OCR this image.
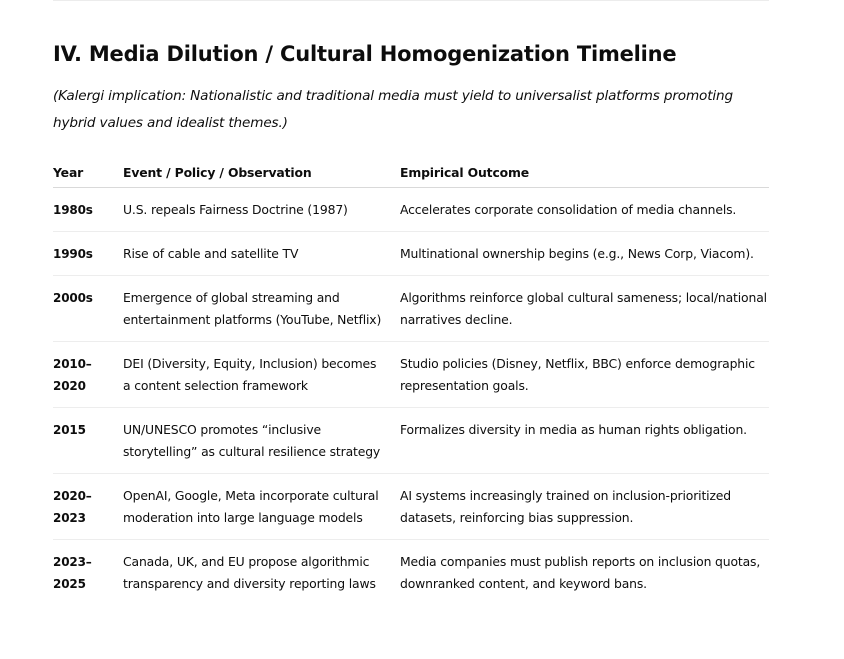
IV. Media Dilution / Cultural Homogenization Timeline

(Kalergi implication: Nationalistic and traditional media must yield to universalist platforms promoting hybrid values and idealist themes.)

Year	Event / Policy / Observation	Empirical Outcome
1980s	U.S. repeals Fairness Doctrine (1987)	Accelerates corporate consolidation of media channels.
1990s	Rise of cable and satellite TV	Multinational ownership begins (e.g., News Corp, Viacom).
2000s	Emergence of global streaming and entertainment platforms (YouTube, Netflix)	Algorithms reinforce global cultural sameness; local/national narratives decline.
2010–2020	DEI (Diversity, Equity, Inclusion) becomes a content selection framework	Studio policies (Disney, Netflix, BBC) enforce demographic representation goals.
2015	UN/UNESCO promotes “inclusive storytelling” as cultural resilience strategy	Formalizes diversity in media as human rights obligation.
2020–2023	OpenAI, Google, Meta incorporate cultural moderation into large language models	AI systems increasingly trained on inclusion-prioritized datasets, reinforcing bias suppression.
2023–2025	Canada, UK, and EU propose algorithmic transparency and diversity reporting laws	Media companies must publish reports on inclusion quotas, downranked content, and keyword bans.
